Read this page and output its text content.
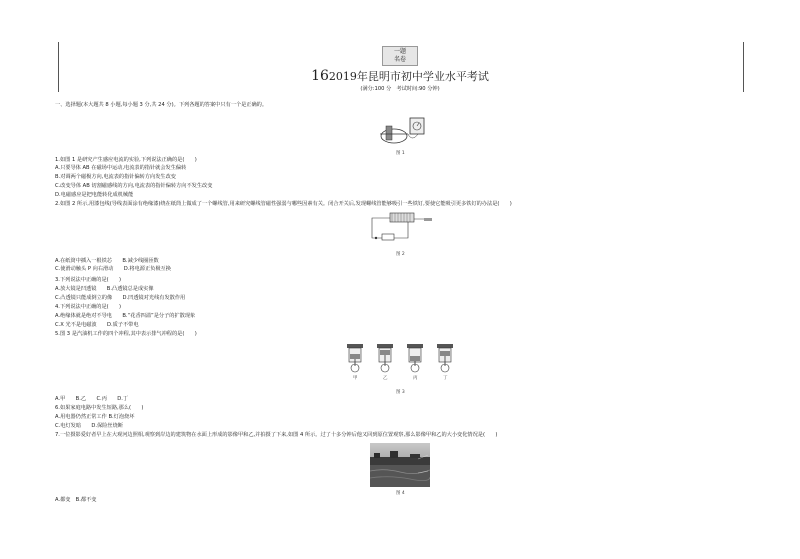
一题
名卷
162019年昆明市初中学业水平考试
(满分:100 分　考试时间:90 分钟)
一、选择题(本大题共 8 小题,每小题 3 分,共 24 分)。下列各题的答案中只有一个是正确的。
图 1
1.如图 1 是研究产生感应电流的实验,下列说法正确的是(　　)
A.只要导体 AB 在磁场中运动,电流表的指针就会发生偏转
B.对调两个磁极方向,电流表的指针偏转方向发生改变
C.改变导体 AB 切割磁感线的方向,电流表的指针偏转方向不发生改变
D.电磁感应是把电能转化成机械能
2.如图 2 所示,用漆包线(导线表面涂有绝缘漆)绕在纸筒上做成了一个螺线管,用来研究螺线管磁性强弱与哪些因素有关。闭合开关后,发现螺线管能够吸引一些铁钉,要使它能吸引更多铁钉的办法是(　　)
图 2
A.在纸筒中插入一根铁芯　　B.减少线圈匝数
C.使滑动触头 P 向右滑动　　D.将电源正负极互换
3.下列说法中正确的是(　　)
A.放大镜是凹透镜　　B.凸透镜总是成实像
C.凸透镜只能成倒立的像　　D.凹透镜对光线有发散作用
4.下列说法中正确的是(　　)
A.绝缘体就是绝对不导电　　B.“花香四溢”是分子的扩散现象
C.X 光不是电磁波　　D.质子不带电
5.图 3 是汽油机工作的四个冲程,其中表示排气冲程的是(　　)
甲	乙	丙	丁
图 3
A.甲　　B.乙　　C.丙　　D.丁
6.如果家庭电路中发生短路,那么(　　)
A.用电器仍然正常工作 B.灯泡烧坏
C.电灯发暗　　D.保险丝烧断
7.一位摄影爱好者早上在大观河边照相,观察到岸边的建筑物在水面上形成的影像甲和乙,并拍摄了下来,如图 4 所示。过了十多分钟后他又回到原位置观察,那么影像甲和乙的大小变化情况是(　　)
图 4
A.都变　B.都不变
